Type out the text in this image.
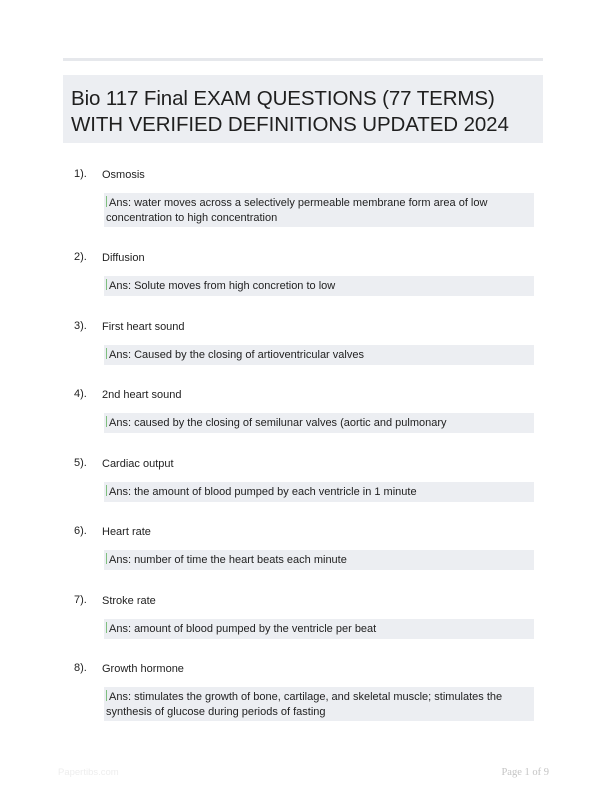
Bio 117 Final EXAM QUESTIONS (77 TERMS) WITH VERIFIED DEFINITIONS UPDATED 2024
1). Osmosis
Ans: water moves across a selectively permeable membrane form area of low concentration to high concentration
2). Diffusion
Ans: Solute moves from high concretion to low
3). First heart sound
Ans: Caused by the closing of artioventricular valves
4). 2nd heart sound
Ans: caused by the closing of semilunar valves (aortic and pulmonary
5). Cardiac output
Ans: the amount of blood pumped by each ventricle in 1 minute
6). Heart rate
Ans: number of time the heart beats each minute
7). Stroke rate
Ans: amount of blood pumped by the ventricle per beat
8). Growth hormone
Ans: stimulates the growth of bone, cartilage, and skeletal muscle; stimulates the synthesis of glucose during periods of fasting
Papertibs.com	Page 1 of 9
